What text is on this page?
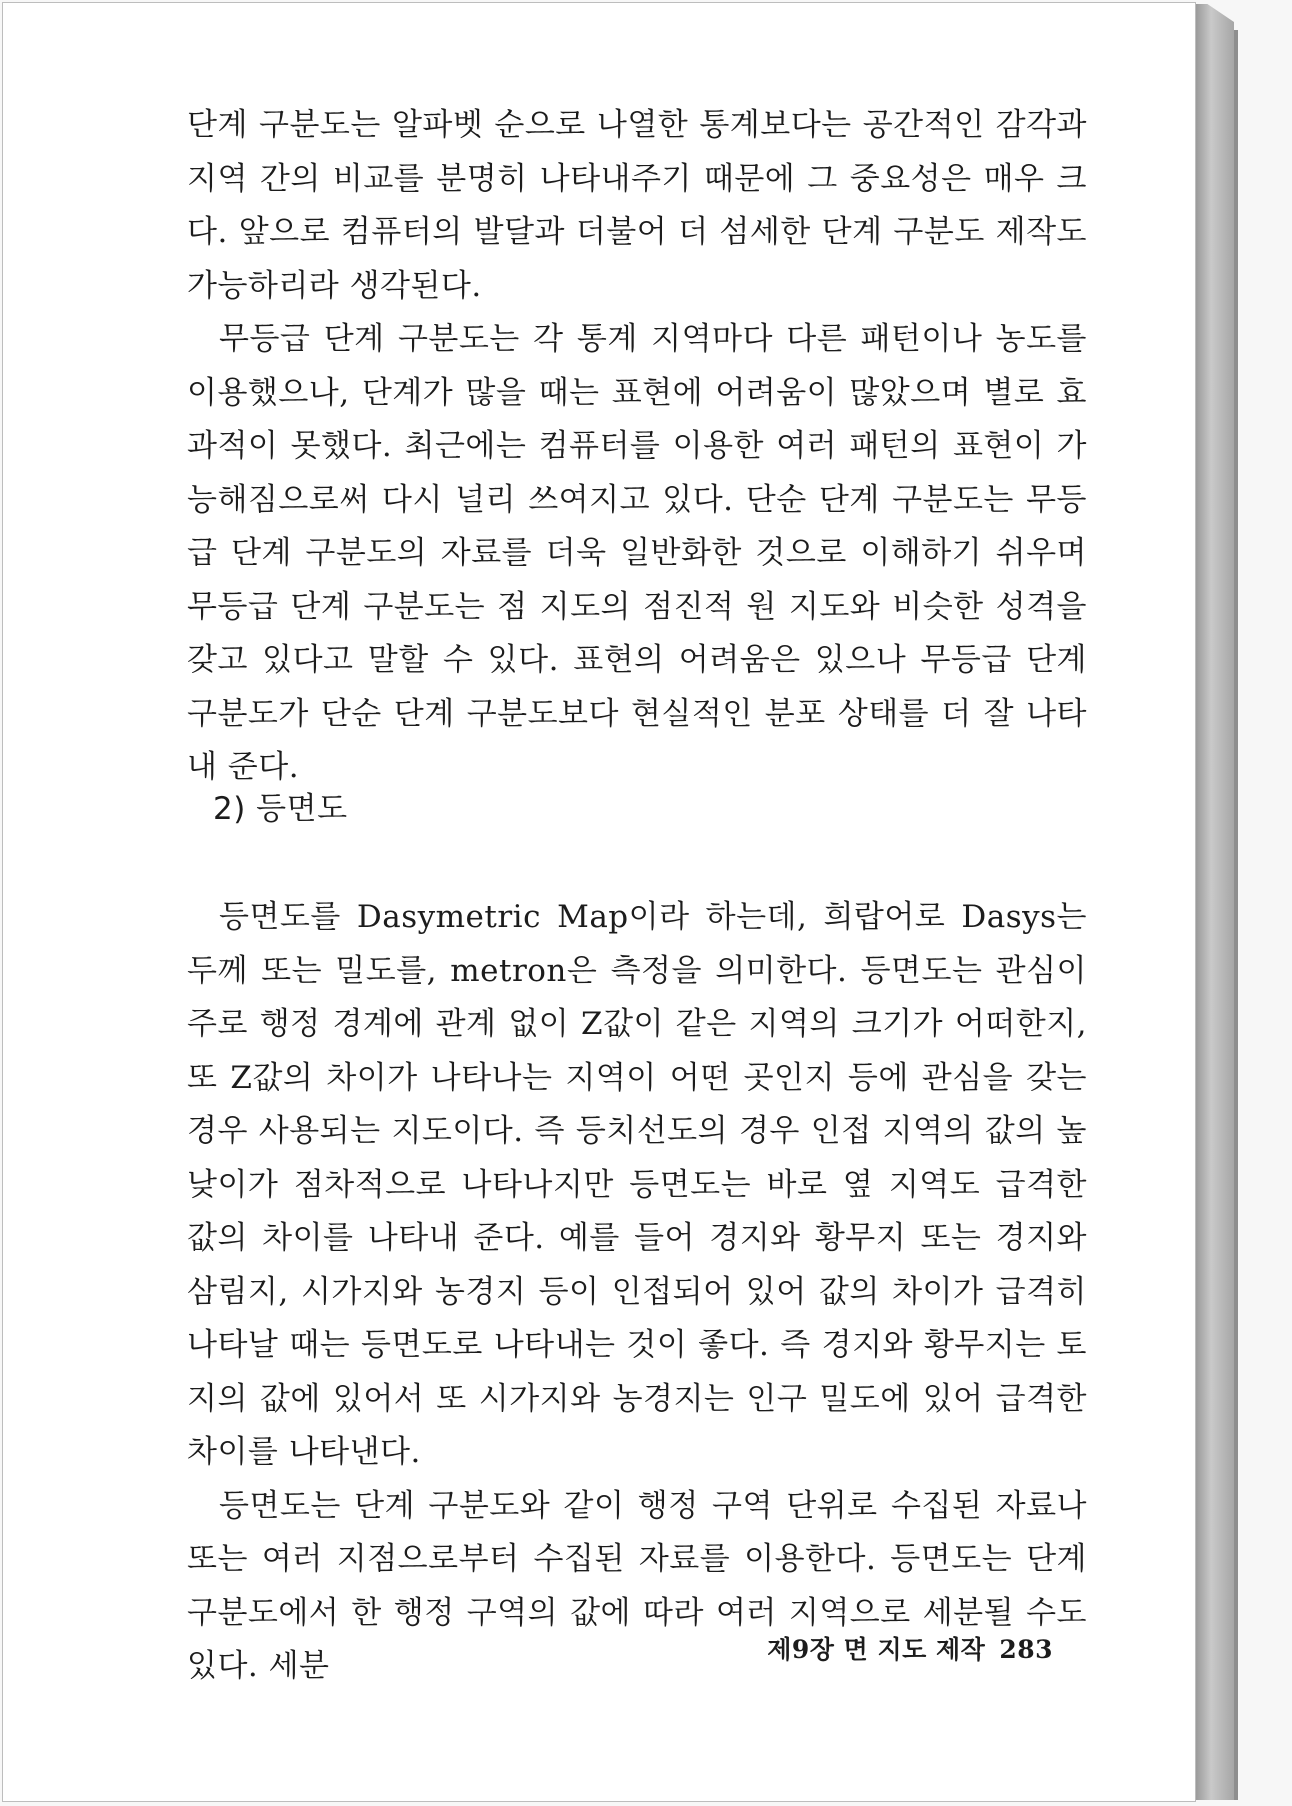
단계 구분도는 알파벳 순으로 나열한 통계보다는 공간적인 감각과 지역 간의 비교를 분명히 나타내주기 때문에 그 중요성은 매우 크다. 앞으로 컴퓨터의 발달과 더불어 더 섬세한 단계 구분도 제작도 가능하리라 생각된다.

무등급 단계 구분도는 각 통계 지역마다 다른 패턴이나 농도를 이용했으나, 단계가 많을 때는 표현에 어려움이 많았으며 별로 효과적이 못했다. 최근에는 컴퓨터를 이용한 여러 패턴의 표현이 가능해짐으로써 다시 널리 쓰여지고 있다. 단순 단계 구분도는 무등급 단계 구분도의 자료를 더욱 일반화한 것으로 이해하기 쉬우며 무등급 단계 구분도는 점 지도의 점진적 원 지도와 비슷한 성격을 갖고 있다고 말할 수 있다. 표현의 어려움은 있으나 무등급 단계 구분도가 단순 단계 구분도보다 현실적인 분포 상태를 더 잘 나타내 준다.

2) 등면도

등면도를 Dasymetric Map이라 하는데, 희랍어로 Dasys는 두께 또는 밀도를, metron은 측정을 의미한다. 등면도는 관심이 주로 행정 경계에 관계 없이 Z값이 같은 지역의 크기가 어떠한지, 또 Z값의 차이가 나타나는 지역이 어떤 곳인지 등에 관심을 갖는 경우 사용되는 지도이다. 즉 등치선도의 경우 인접 지역의 값의 높낮이가 점차적으로 나타나지만 등면도는 바로 옆 지역도 급격한 값의 차이를 나타내 준다. 예를 들어 경지와 황무지 또는 경지와 삼림지, 시가지와 농경지 등이 인접되어 있어 값의 차이가 급격히 나타날 때는 등면도로 나타내는 것이 좋다. 즉 경지와 황무지는 토지의 값에 있어서 또 시가지와 농경지는 인구 밀도에 있어 급격한 차이를 나타낸다.

등면도는 단계 구분도와 같이 행정 구역 단위로 수집된 자료나 또는 여러 지점으로부터 수집된 자료를 이용한다. 등면도는 단계 구분도에서 한 행정 구역의 값에 따라 여러 지역으로 세분될 수도 있다. 세분	제9장 면 지도 제작 283
